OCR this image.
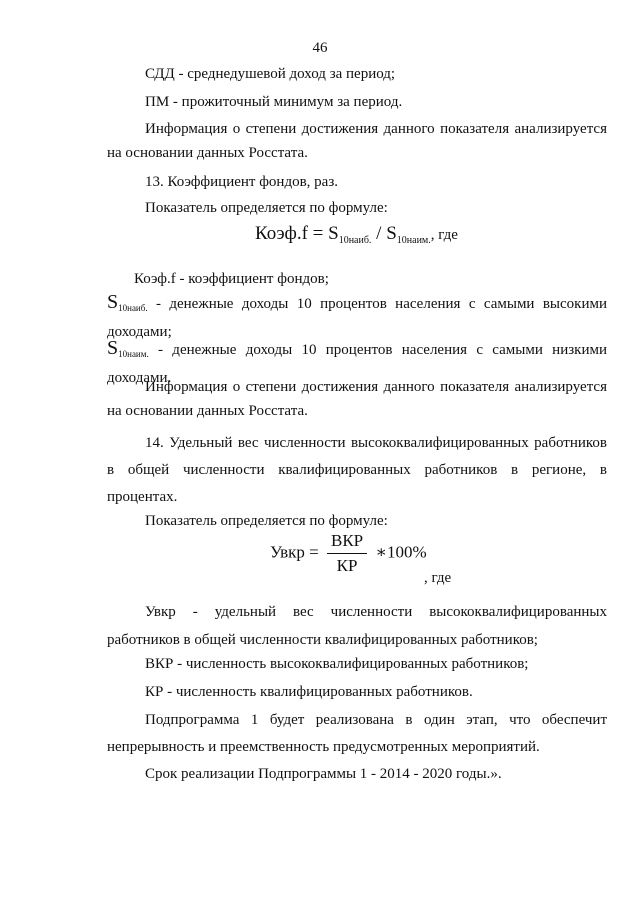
46
СДД - среднедушевой доход за период;
ПМ - прожиточный минимум за период.
Информация о степени достижения данного показателя анализируется на основании данных Росстата.
13. Коэффициент фондов, раз.
Показатель определяется по формуле:
Коэф.f = $S_{10наиб.} / S_{10наим.}$, где
Коэф.f - коэффициент фондов;
$S_{10наиб.}$ - денежные доходы 10 процентов населения с самыми высокими доходами;
$S_{10наим.}$ - денежные доходы 10 процентов населения с самыми низкими доходами.
Информация о степени достижения данного показателя анализируется на основании данных Росстата.
14. Удельный вес численности высококвалифицированных работников в общей численности квалифицированных работников в регионе, в процентах.
Показатель определяется по формуле:
Увкр = $\frac{\text{ВКР}}{КР}$ ∗100%
, где
Увкр - удельный вес численности высококвалифицированных работников в общей численности квалифицированных работников;
ВКР - численность высококвалифицированных работников;
КР - численность квалифицированных работников.
Подпрограмма 1 будет реализована в один этап, что обеспечит непрерывность и преемственность предусмотренных мероприятий.
Срок реализации Подпрограммы 1 - 2014 - 2020 годы.».
